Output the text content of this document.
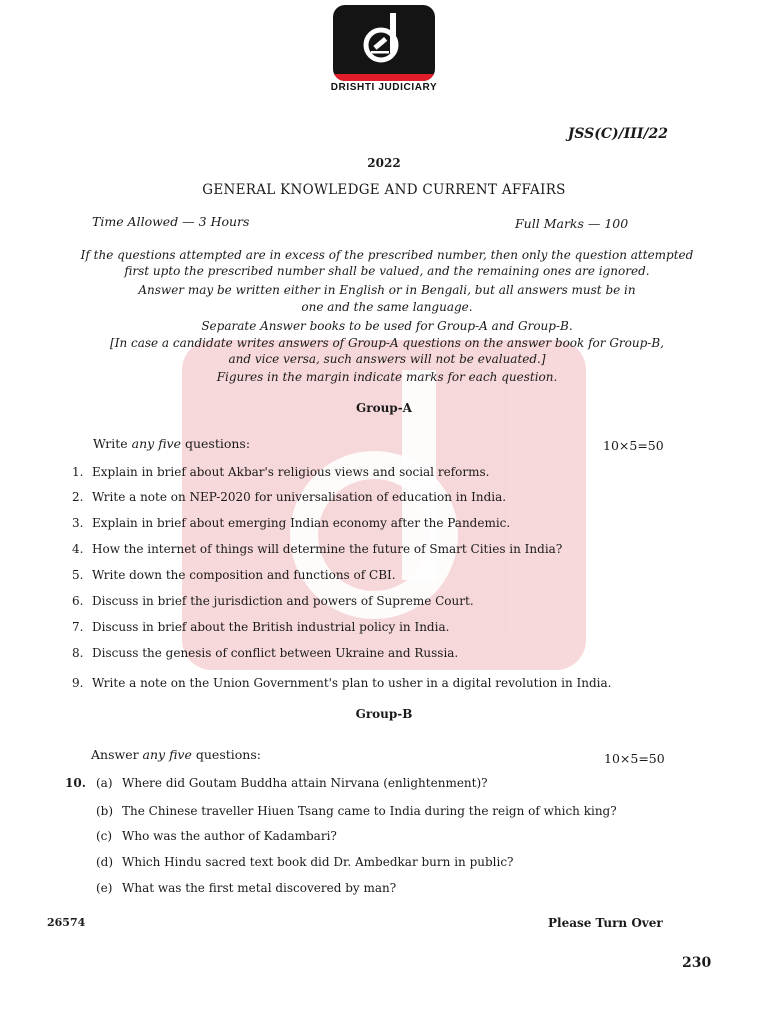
DRISHTI JUDICIARY
JSS(C)/III/22
2022
GENERAL KNOWLEDGE AND CURRENT AFFAIRS
Time Allowed — 3 Hours	Full Marks — 100
If the questions attempted are in excess of the prescribed number, then only the question attempted
first upto the prescribed number shall be valued, and the remaining ones are ignored.
Answer may be written either in English or in Bengali, but all answers must be in
one and the same language.
Separate Answer books to be used for Group-A and Group-B.
[In case a candidate writes answers of Group-A questions on the answer book for Group-B,
and vice versa, such answers will not be evaluated.]
Figures in the margin indicate marks for each question.
Group-A
Write any five questions:	10×5=50
1. Explain in brief about Akbar's religious views and social reforms.
2. Write a note on NEP-2020 for universalisation of education in India.
3. Explain in brief about emerging Indian economy after the Pandemic.
4. How the internet of things will determine the future of Smart Cities in India?
5. Write down the composition and functions of CBI.
6. Discuss in brief the jurisdiction and powers of Supreme Court.
7. Discuss in brief about the British industrial policy in India.
8. Discuss the genesis of conflict between Ukraine and Russia.
9. Write a note on the Union Government's plan to usher in a digital revolution in India.
Group-B
Answer any five questions:	10×5=50
10. (a) Where did Goutam Buddha attain Nirvana (enlightenment)?
(b) The Chinese traveller Hiuen Tsang came to India during the reign of which king?
(c) Who was the author of Kadambari?
(d) Which Hindu sacred text book did Dr. Ambedkar burn in public?
(e) What was the first metal discovered by man?
26574	Please Turn Over
230
